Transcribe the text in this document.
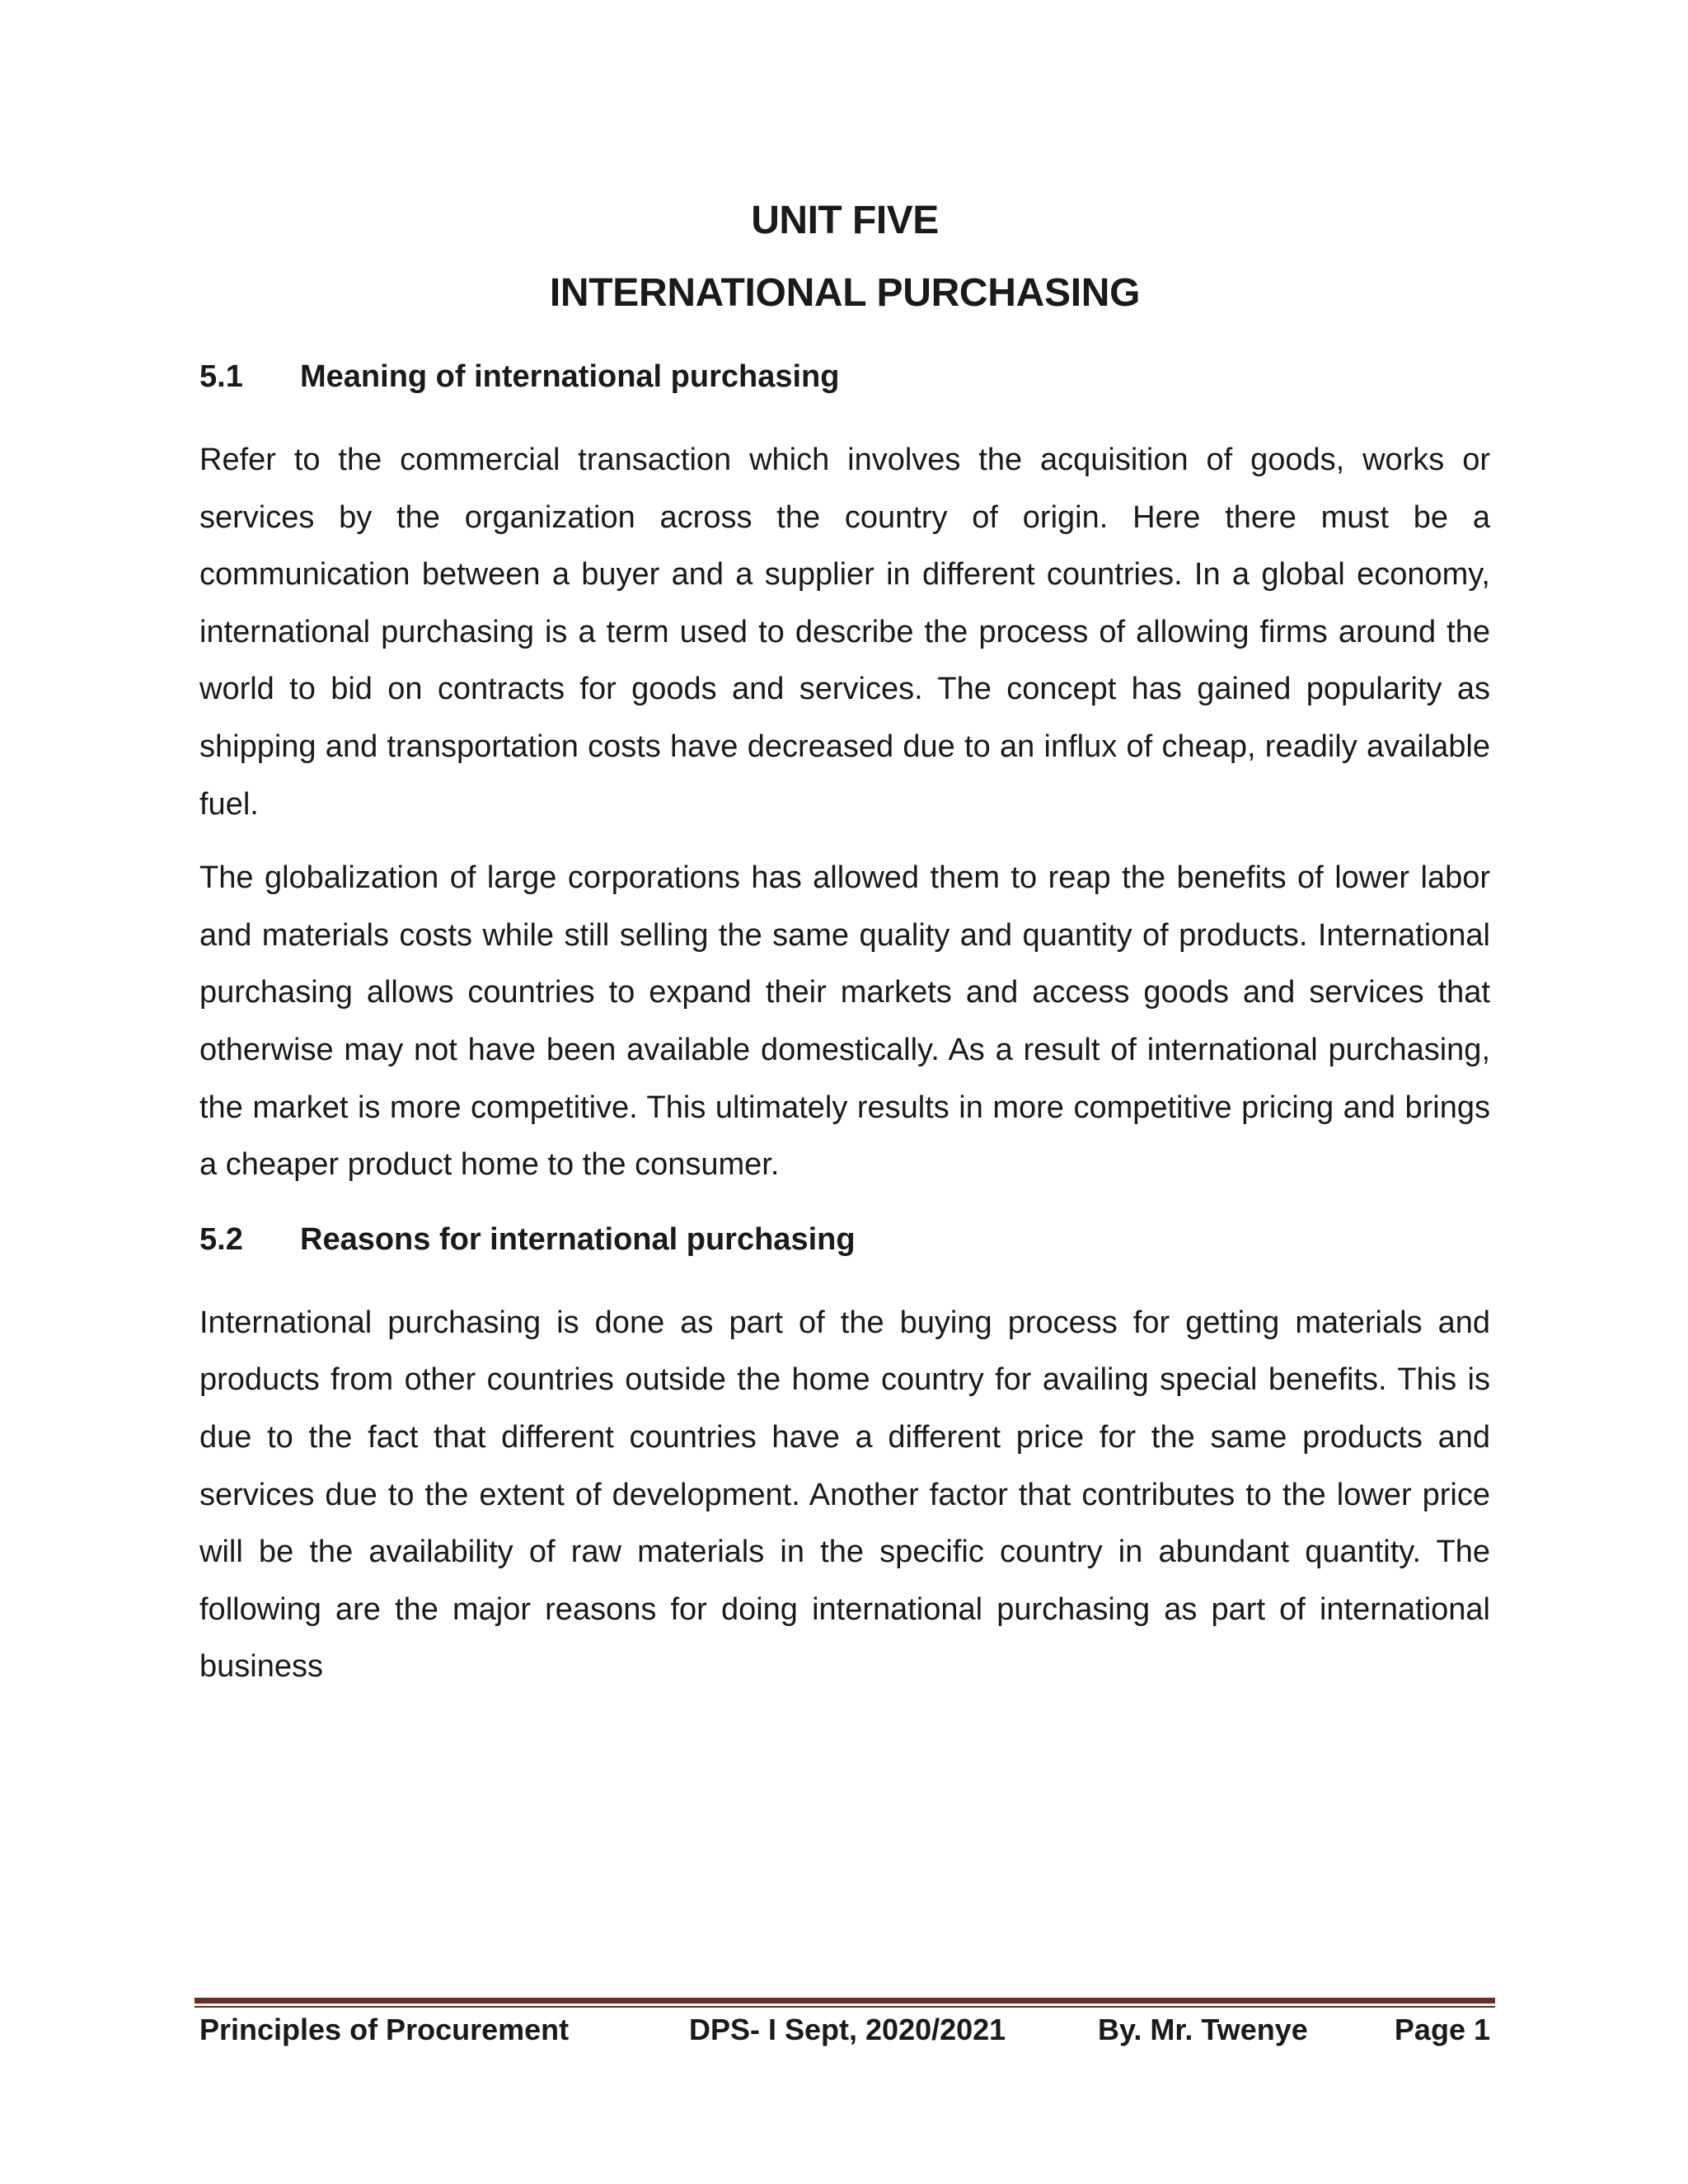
UNIT FIVE
INTERNATIONAL PURCHASING
5.1	Meaning of international purchasing

Refer to the commercial transaction which involves the acquisition of goods, works or services by the organization across the country of origin. Here there must be a communication between a buyer and a supplier in different countries. In a global economy, international purchasing is a term used to describe the process of allowing firms around the world to bid on contracts for goods and services. The concept has gained popularity as shipping and transportation costs have decreased due to an influx of cheap, readily available fuel.

The globalization of large corporations has allowed them to reap the benefits of lower labor and materials costs while still selling the same quality and quantity of products. International purchasing allows countries to expand their markets and access goods and services that otherwise may not have been available domestically. As a result of international purchasing, the market is more competitive. This ultimately results in more competitive pricing and brings a cheaper product home to the consumer.

5.2	Reasons for international purchasing

International purchasing is done as part of the buying process for getting materials and products from other countries outside the home country for availing special benefits. This is due to the fact that different countries have a different price for the same products and services due to the extent of development. Another factor that contributes to the lower price will be the availability of raw materials in the specific country in abundant quantity. The following are the major reasons for doing international purchasing as part of international business

Principles of Procurement	DPS- I Sept, 2020/2021	By. Mr. Twenye	Page 1
